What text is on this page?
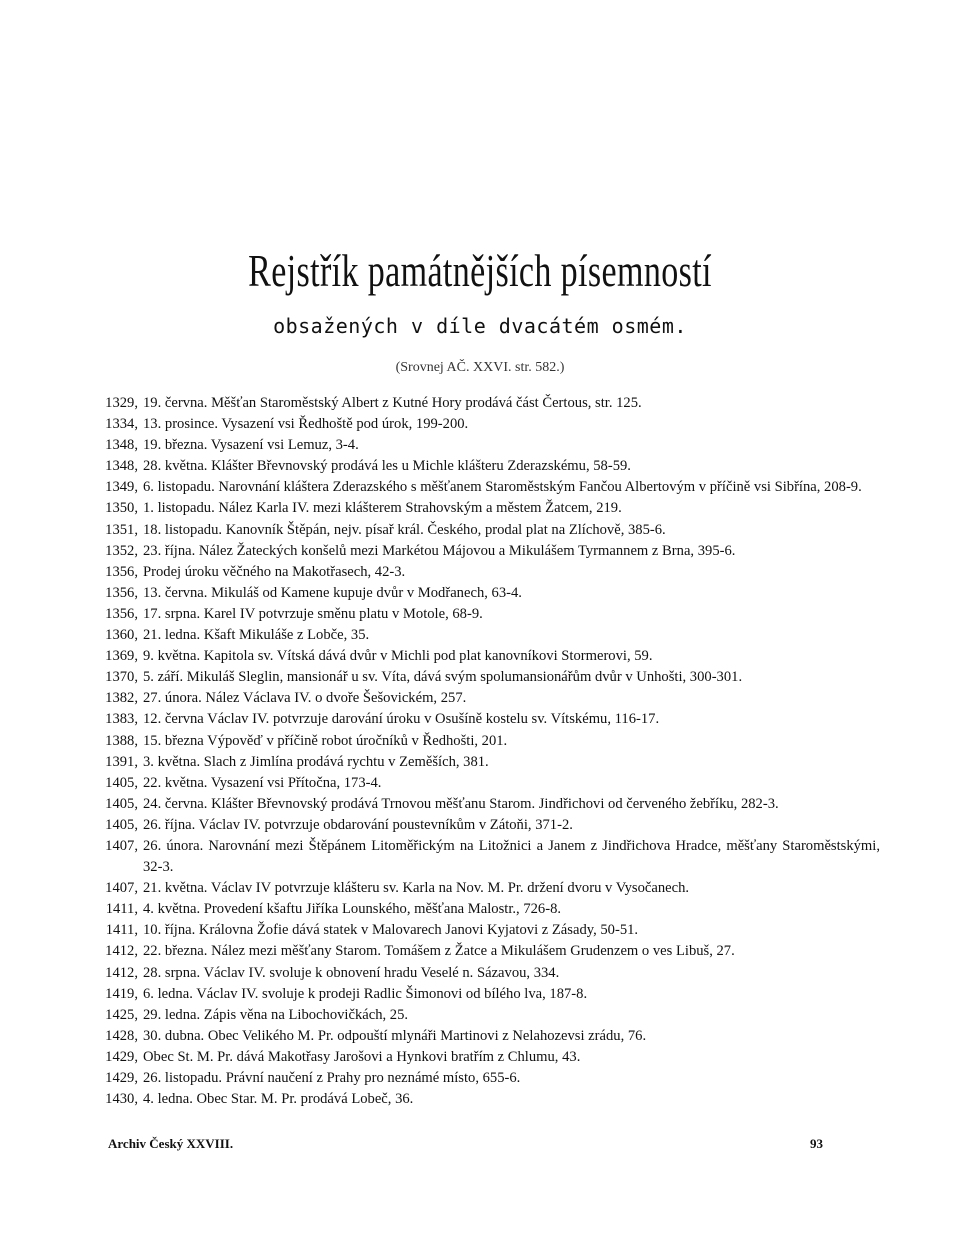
Rejstřík památnějších písemností
obsažených v díle dvacátém osmém.
(Srovnej AČ. XXVI. str. 582.)
1329, 19. června. Měšťan Staroměstský Albert z Kutné Hory prodává část Čertous, str. 125.
1334, 13. prosince. Vysazení vsi Ředhoště pod úrok, 199-200.
1348, 19. března. Vysazení vsi Lemuz, 3-4.
1348, 28. května. Klášter Břevnovský prodává les u Michle klášteru Zderazskému, 58-59.
1349, 6. listopadu. Narovnání kláštera Zderazského s měšťanem Staroměstským Fančou Albertovým v příčině vsi Sibřína, 208-9.
1350, 1. listopadu. Nález Karla IV. mezi klášterem Strahovským a městem Žatcem, 219.
1351, 18. listopadu. Kanovník Štěpán, nejv. písař král. Českého, prodal plat na Zlíchově, 385-6.
1352, 23. října. Nález Žateckých konšelů mezi Markétou Májovou a Mikulášem Tyrmannem z Brna, 395-6.
1356, Prodej úroku věčného na Makotřasech, 42-3.
1356, 13. června. Mikuláš od Kamene kupuje dvůr v Modřanech, 63-4.
1356, 17. srpna. Karel IV potvrzuje směnu platu v Motole, 68-9.
1360, 21. ledna. Kšaft Mikuláše z Lobče, 35.
1369, 9. května. Kapitola sv. Vítská dává dvůr v Michli pod plat kanovníkovi Stormerovi, 59.
1370, 5. září. Mikuláš Sleglin, mansionář u sv. Víta, dává svým spolumansionářům dvůr v Unhošti, 300-301.
1382, 27. února. Nález Václava IV. o dvoře Šešovickém, 257.
1383, 12. června Václav IV. potvrzuje darování úroku v Osušíně kostelu sv. Vítskému, 116-17.
1388, 15. března Výpověď v příčině robot úročníků v Ředhošti, 201.
1391, 3. května. Slach z Jimlína prodává rychtu v Zeměších, 381.
1405, 22. května. Vysazení vsi Přítočna, 173-4.
1405, 24. června. Klášter Břevnovský prodává Trnovou měšťanu Starom. Jindřichovi od červeného žebříku, 282-3.
1405, 26. října. Václav IV. potvrzuje obdarování poustevníkům v Zátoňi, 371-2.
1407, 26. února. Narovnání mezi Štěpánem Litoměřickým na Litožnici a Janem z Jindřichova Hradce, měšťany Staroměstskými, 32-3.
1407, 21. května. Václav IV potvrzuje klášteru sv. Karla na Nov. M. Pr. držení dvoru v Vysočanech.
1411, 4. května. Provedení kšaftu Jiříka Lounského, měšťana Malostr., 726-8.
1411, 10. října. Královna Žofie dává statek v Malovarech Janovi Kyjatovi z Zásady, 50-51.
1412, 22. března. Nález mezi měšťany Starom. Tomášem z Žatce a Mikulášem Grudenzem o ves Libuš, 27.
1412, 28. srpna. Václav IV. svoluje k obnovení hradu Veselé n. Sázavou, 334.
1419, 6. ledna. Václav IV. svoluje k prodeji Radlic Šimonovi od bílého lva, 187-8.
1425, 29. ledna. Zápis věna na Libochovičkách, 25.
1428, 30. dubna. Obec Velikého M. Pr. odpouští mlynáři Martinovi z Nelahozevsi zrádu, 76.
1429, Obec St. M. Pr. dává Makotřasy Jarošovi a Hynkovi bratřím z Chlumu, 43.
1429, 26. listopadu. Právní naučení z Prahy pro neznámé místo, 655-6.
1430, 4. ledna. Obec Star. M. Pr. prodává Lobeč, 36.
Archiv Český XXVIII.	93
